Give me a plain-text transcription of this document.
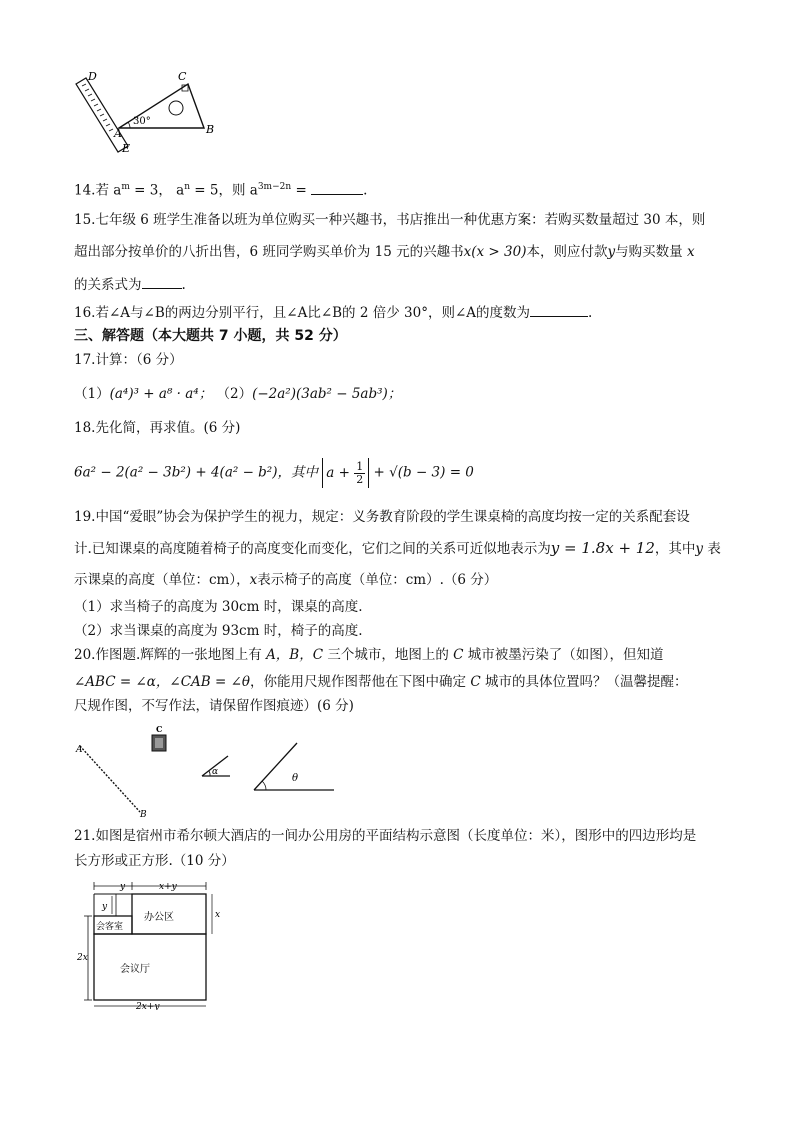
D	C
A	B
E
30°
14.若 $a^m = 3$， $a^n = 5$，则 $a^{3m-2n}$ =	.
15.七年级 6 班学生准备以班为单位购买一种兴趣书，书店推出一种优惠方案：若购买数量超过 30 本，则
超出部分按单价的八折出售，6 班同学购买单价为 15 元的兴趣书x(x > 30)本，则应付款y与购买数量 x
的关系式为	.
16.若∠A与∠B的两边分别平行，且∠A比∠B的 2 倍少 30°，则∠A的度数为	.
三、解答题（本大题共 7 小题，共 52 分）
17.计算：（6 分）
（1）(a⁴)³ + a⁸ · a⁴； （2）(−2a²)(3ab² − 5ab³)；
18.先化简，再求值。(6 分)
6a² − 2(a² − 3b²) + 4(a² − b²)，其中 $a + \frac{1}{2} + √(b - 3) = 0$
19.中国“爱眼”协会为保护学生的视力，规定：义务教育阶段的学生课桌椅的高度均按一定的关系配套设
计.已知课桌的高度随着椅子的高度变化而变化，它们之间的关系可近似地表示为y = 1.8x + 12，其中y 表
示课桌的高度（单位：cm），x表示椅子的高度（单位：cm）.（6 分）
（1）求当椅子的高度为 30cm 时，课桌的高度.
（2）求当课桌的高度为 93cm 时，椅子的高度.
20.作图题.辉辉的一张地图上有 A，B，C 三个城市，地图上的 C 城市被墨污染了（如图），但知道
∠ABC = ∠α，∠CAB = ∠θ，你能用尺规作图帮他在下图中确定 C 城市的具体位置吗？（温馨提醒：
尺规作图，不写作法，请保留作图痕迹）(6 分)
A
B
C
α
θ
21.如图是宿州市希尔顿大酒店的一间办公用房的平面结构示意图（长度单位：米），图形中的四边形均是
长方形或正方形.（10 分）
y	x+y
y
x
2x
2x+y
办公区
会客室
会议厅
